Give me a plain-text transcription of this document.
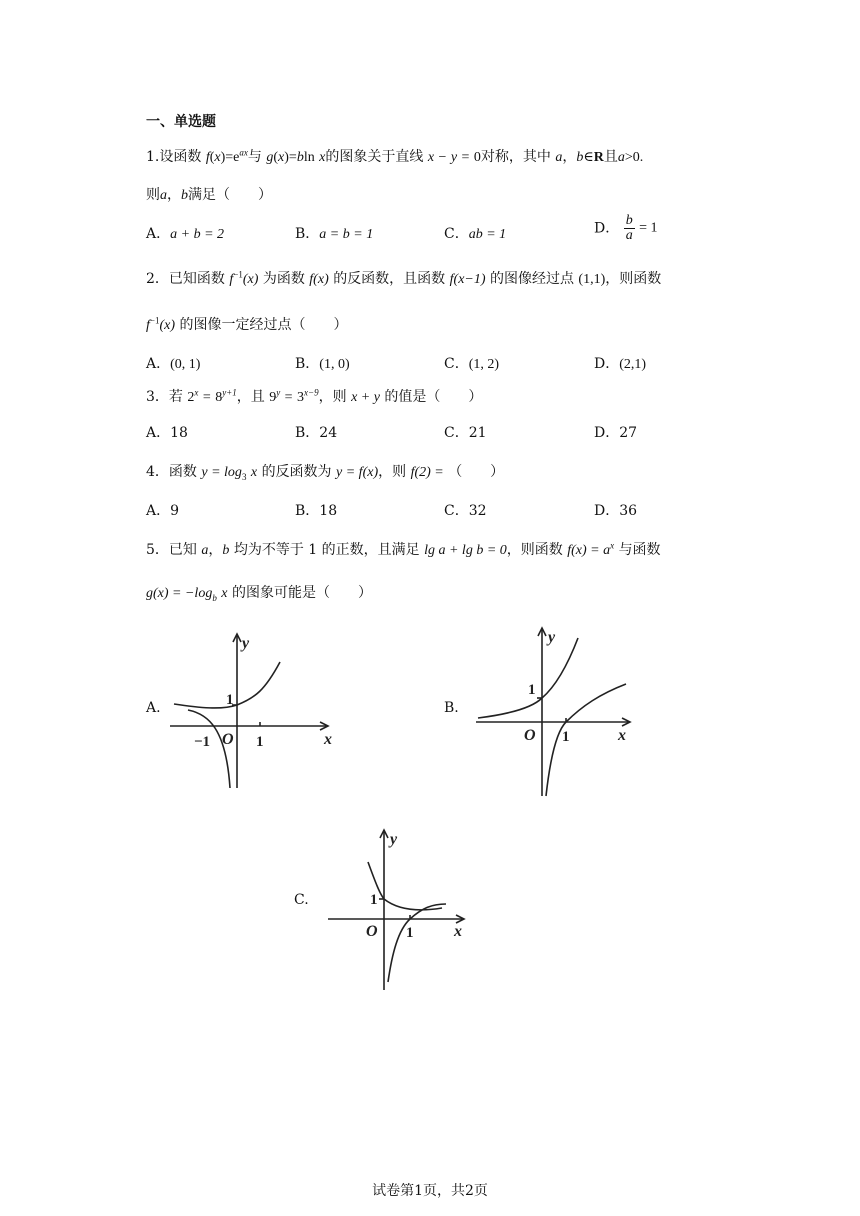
一、单选题
1.设函数 $f(x)=e^{ax}$与 g(x)=bln x的图象关于直线 x − y = 0对称，其中 a，b∈R且a>0.
则a，b满足（　　）
A．a + b = 2	B．a = b = 1	C．ab = 1	D． $\frac{b}{a} = 1$
2．已知函数 $f^{-1}(x)$ 为函数 f(x) 的反函数，且函数 f(x−1) 的图像经过点 (1,1)，则函数
$f^{-1}(x)$ 的图像一定经过点（　　）
A．(0, 1)	B．(1, 0)	C．(1, 2)	D．(2,1)
3．若 $2^x = 8^{y+1}$，且 $9^y = 3^{x-9}$，则 x + y 的值是（　　）
A．18	B．24	C．21	D．27
4．函数 $y = \log_3 x$ 的反函数为 y = f(x)，则 f(2) = （　　）
A．9	B．18	C．32	D．36
5．已知 a，b 均为不等于 1 的正数，且满足 lg a + lg b = 0，则函数 $f(x) = a^x$ 与函数
$g(x) = -\log_b$ x 的图象可能是（　　）
A.
y
x
O
1
1
−1
B.
y
x
O
1
1
C.
y
x
O
1
1
试卷第1页，共2页
